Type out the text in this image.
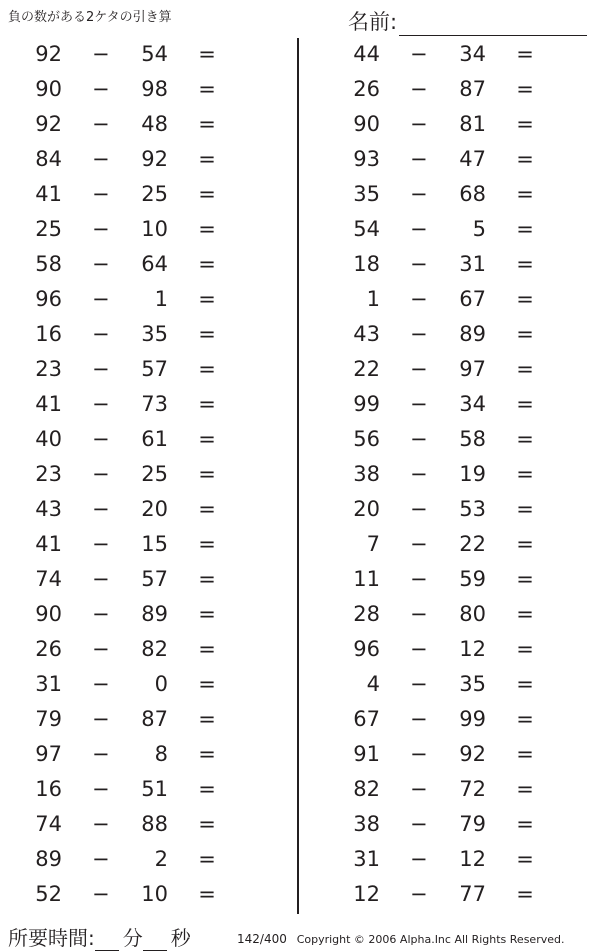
負の数がある2ケタの引き算	名前:
92 −	54 =
90 −	98 =
92 −	48 =
84 −	92 =
41 −	25 =
25 −	10 =
58 −	64 =
96 −	1 =
16 −	35 =
23 −	57 =
41 −	73 =
40 −	61 =
23 −	25 =
43 −	20 =
41 −	15 =
74 −	57 =
90 −	89 =
26 −	82 =
31 −	0 =
79 −	87 =
97 −	8 =
16 −	51 =
74 −	88 =
89 −	2 =
52 −	10 =
44 −	34 =
26 −	87 =
90 −	81 =
93 −	47 =
35 −	68 =
54 −	5 =
18 −	31 =
1 −	67 =
43 −	89 =
22 −	97 =
99 −	34 =
56 −	58 =
38 −	19 =
20 −	53 =
7 −	22 =
11 −	59 =
28 −	80 =
96 −	12 =
4 −	35 =
67 −	99 =
91 −	92 =
82 −	72 =
38 −	79 =
31 −	12 =
12 −	77 =
所要時間: 分 秒	142/400 Copyright © 2006 Alpha.Inc All Rights Reserved.
